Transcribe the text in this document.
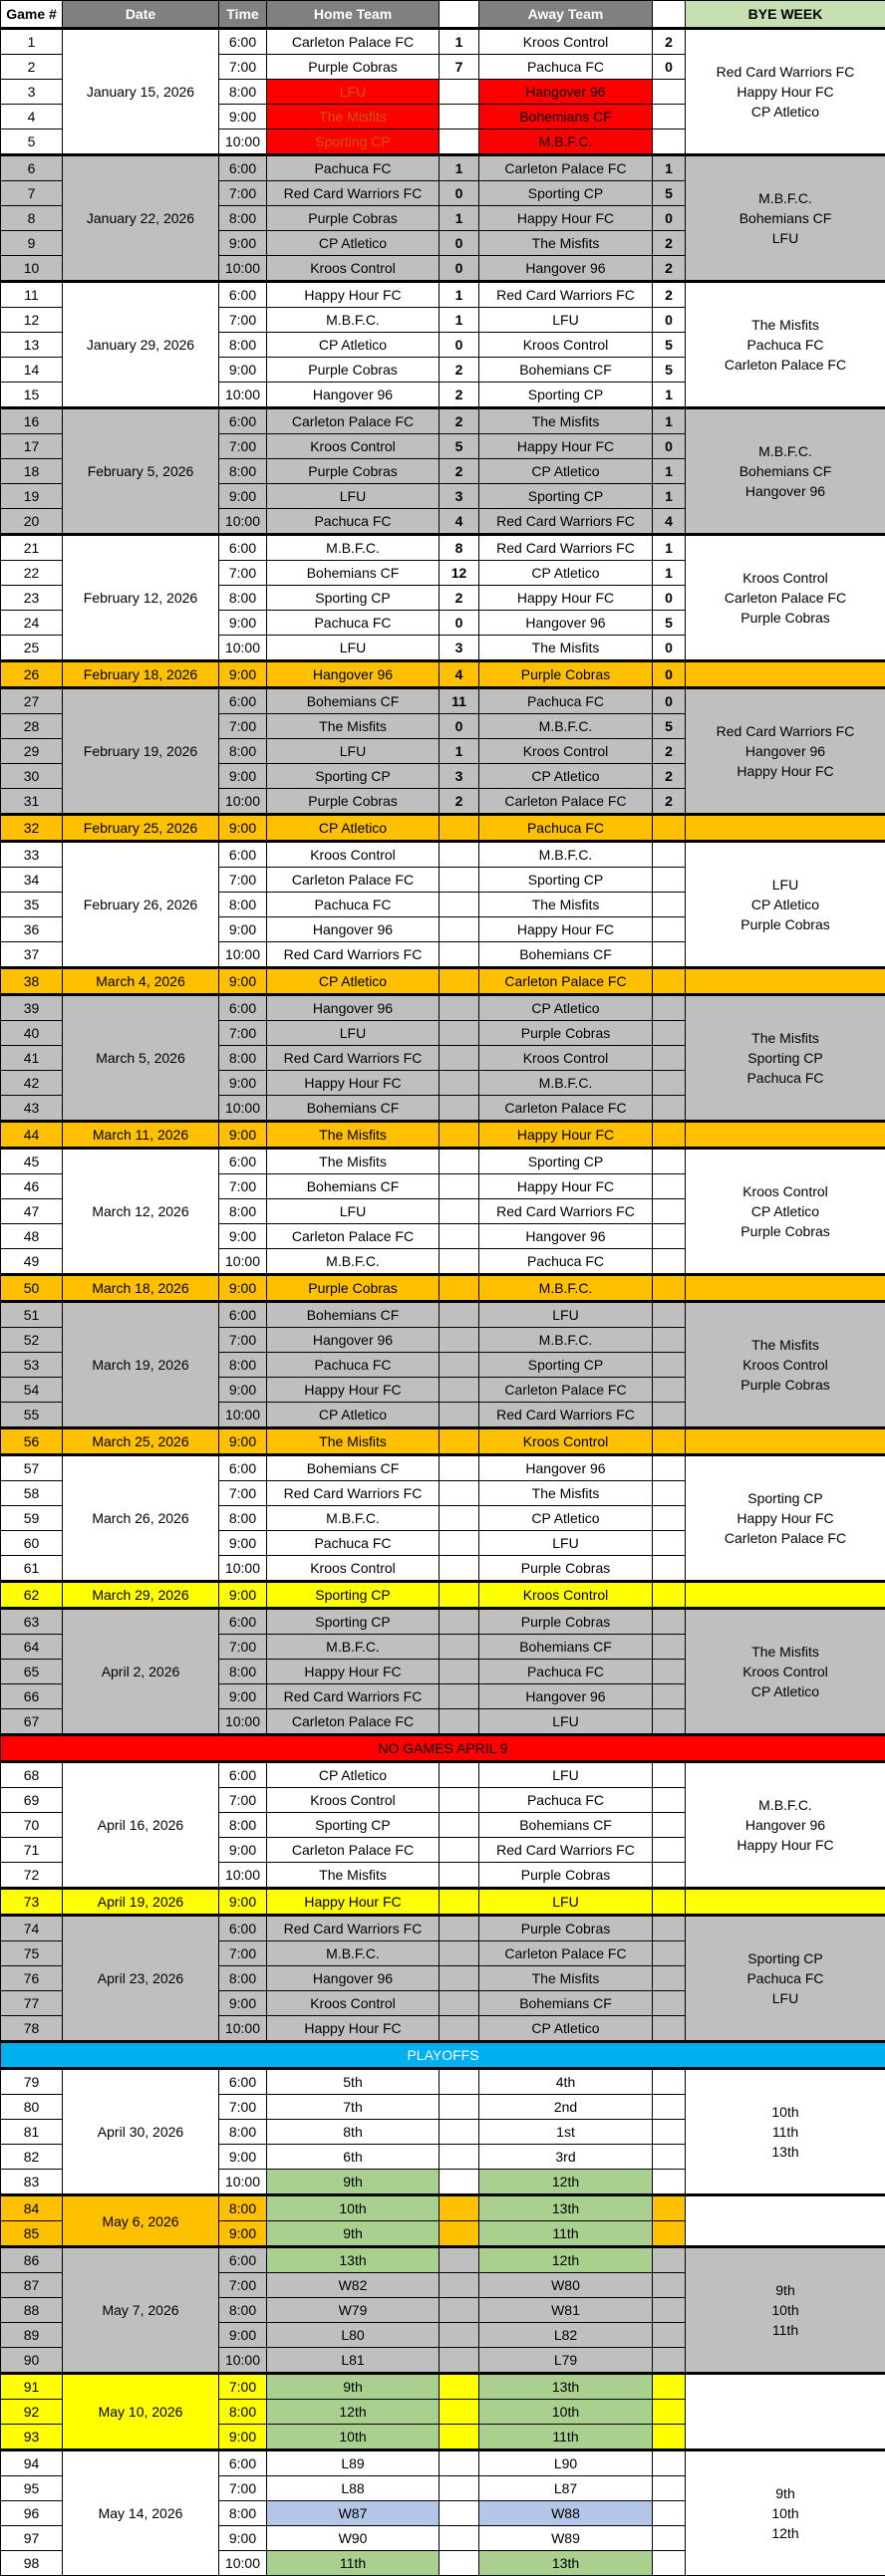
Game #	Date	Time	Home Team		Away Team		BYE WEEK
1	January 15, 2026	6:00	Carleton Palace FC	1	Kroos Control	2	Red Card Warriors FC
Happy Hour FC
CP Atletico
2		7:00	Purple Cobras	7	Pachuca FC	0	
3		8:00	LFU		Hangover 96		
4		9:00	The Misfits		Bohemians CF		
5		10:00	Sporting CP		M.B.F.C.		
6	January 22, 2026	6:00	Pachuca FC	1	Carleton Palace FC	1	M.B.F.C.
Bohemians CF
LFU
7		7:00	Red Card Warriors FC	0	Sporting CP	5	
8		8:00	Purple Cobras	1	Happy Hour FC	0	
9		9:00	CP Atletico	0	The Misfits	2	
10		10:00	Kroos Control	0	Hangover 96	2	
11	January 29, 2026	6:00	Happy Hour FC	1	Red Card Warriors FC	2	The Misfits
Pachuca FC
Carleton Palace FC
12		7:00	M.B.F.C.	1	LFU	0	
13		8:00	CP Atletico	0	Kroos Control	5	
14		9:00	Purple Cobras	2	Bohemians CF	5	
15		10:00	Hangover 96	2	Sporting CP	1	
16	February 5, 2026	6:00	Carleton Palace FC	2	The Misfits	1	M.B.F.C.
Bohemians CF
Hangover 96
17		7:00	Kroos Control	5	Happy Hour FC	0	
18		8:00	Purple Cobras	2	CP Atletico	1	
19		9:00	LFU	3	Sporting CP	1	
20		10:00	Pachuca FC	4	Red Card Warriors FC	4	
21	February 12, 2026	6:00	M.B.F.C.	8	Red Card Warriors FC	1	Kroos Control
Carleton Palace FC
Purple Cobras
22		7:00	Bohemians CF	12	CP Atletico	1	
23		8:00	Sporting CP	2	Happy Hour FC	0	
24		9:00	Pachuca FC	0	Hangover 96	5	
25		10:00	LFU	3	The Misfits	0	
26	February 18, 2026	9:00	Hangover 96	4	Purple Cobras	0	
27	February 19, 2026	6:00	Bohemians CF	11	Pachuca FC	0	Red Card Warriors FC
Hangover 96
Happy Hour FC
28		7:00	The Misfits	0	M.B.F.C.	5	
29		8:00	LFU	1	Kroos Control	2	
30		9:00	Sporting CP	3	CP Atletico	2	
31		10:00	Purple Cobras	2	Carleton Palace FC	2	
32	February 25, 2026	9:00	CP Atletico		Pachuca FC		
33	February 26, 2026	6:00	Kroos Control		M.B.F.C.		LFU
CP Atletico
Purple Cobras
34		7:00	Carleton Palace FC		Sporting CP		
35		8:00	Pachuca FC		The Misfits		
36		9:00	Hangover 96		Happy Hour FC		
37		10:00	Red Card Warriors FC		Bohemians CF		
38	March 4, 2026	9:00	CP Atletico		Carleton Palace FC		
39	March 5, 2026	6:00	Hangover 96		CP Atletico		The Misfits
Sporting CP
Pachuca FC
40		7:00	LFU		Purple Cobras		
41		8:00	Red Card Warriors FC		Kroos Control		
42		9:00	Happy Hour FC		M.B.F.C.		
43		10:00	Bohemians CF		Carleton Palace FC		
44	March 11, 2026	9:00	The Misfits		Happy Hour FC		
45	March 12, 2026	6:00	The Misfits		Sporting CP		Kroos Control
CP Atletico
Purple Cobras
46		7:00	Bohemians CF		Happy Hour FC		
47		8:00	LFU		Red Card Warriors FC		
48		9:00	Carleton Palace FC		Hangover 96		
49		10:00	M.B.F.C.		Pachuca FC		
50	March 18, 2026	9:00	Purple Cobras		M.B.F.C.		
51	March 19, 2026	6:00	Bohemians CF		LFU		The Misfits
Kroos Control
Purple Cobras
52		7:00	Hangover 96		M.B.F.C.		
53		8:00	Pachuca FC		Sporting CP		
54		9:00	Happy Hour FC		Carleton Palace FC		
55		10:00	CP Atletico		Red Card Warriors FC		
56	March 25, 2026	9:00	The Misfits		Kroos Control		
57	March 26, 2026	6:00	Bohemians CF		Hangover 96		Sporting CP
Happy Hour FC
Carleton Palace FC
58		7:00	Red Card Warriors FC		The Misfits		
59		8:00	M.B.F.C.		CP Atletico		
60		9:00	Pachuca FC		LFU		
61		10:00	Kroos Control		Purple Cobras		
62	March 29, 2026	9:00	Sporting CP		Kroos Control		
63	April 2, 2026	6:00	Sporting CP		Purple Cobras		The Misfits
Kroos Control
CP Atletico
64		7:00	M.B.F.C.		Bohemians CF		
65		8:00	Happy Hour FC		Pachuca FC		
66		9:00	Red Card Warriors FC		Hangover 96		
67		10:00	Carleton Palace FC		LFU		
NO GAMES APRIL 9							
68	April 16, 2026	6:00	CP Atletico		LFU		M.B.F.C.
Hangover 96
Happy Hour FC
69		7:00	Kroos Control		Pachuca FC		
70		8:00	Sporting CP		Bohemians CF		
71		9:00	Carleton Palace FC		Red Card Warriors FC		
72		10:00	The Misfits		Purple Cobras		
73	April 19, 2026	9:00	Happy Hour FC		LFU		
74	April 23, 2026	6:00	Red Card Warriors FC		Purple Cobras		Sporting CP
Pachuca FC
LFU
75		7:00	M.B.F.C.		Carleton Palace FC		
76		8:00	Hangover 96		The Misfits		
77		9:00	Kroos Control		Bohemians CF		
78		10:00	Happy Hour FC		CP Atletico		
PLAYOFFS							
79	April 30, 2026	6:00	5th		4th		10th
11th
13th
80		7:00	7th		2nd		
81		8:00	8th		1st		
82		9:00	6th		3rd		
83		10:00	9th		12th		
84	May 6, 2026	8:00	10th		13th		
85		9:00	9th		11th		
86	May 7, 2026	6:00	13th		12th		9th
10th
11th
87		7:00	W82		W80		
88		8:00	W79		W81		
89		9:00	L80		L82		
90		10:00	L81		L79		
91	May 10, 2026	7:00	9th		13th		
92		8:00	12th		10th		
93		9:00	10th		11th		
94	May 14, 2026	6:00	L89		L90		9th
10th
12th
95		7:00	L88		L87		
96		8:00	W87		W88		
97		9:00	W90		W89		
98		10:00	11th		13th		
